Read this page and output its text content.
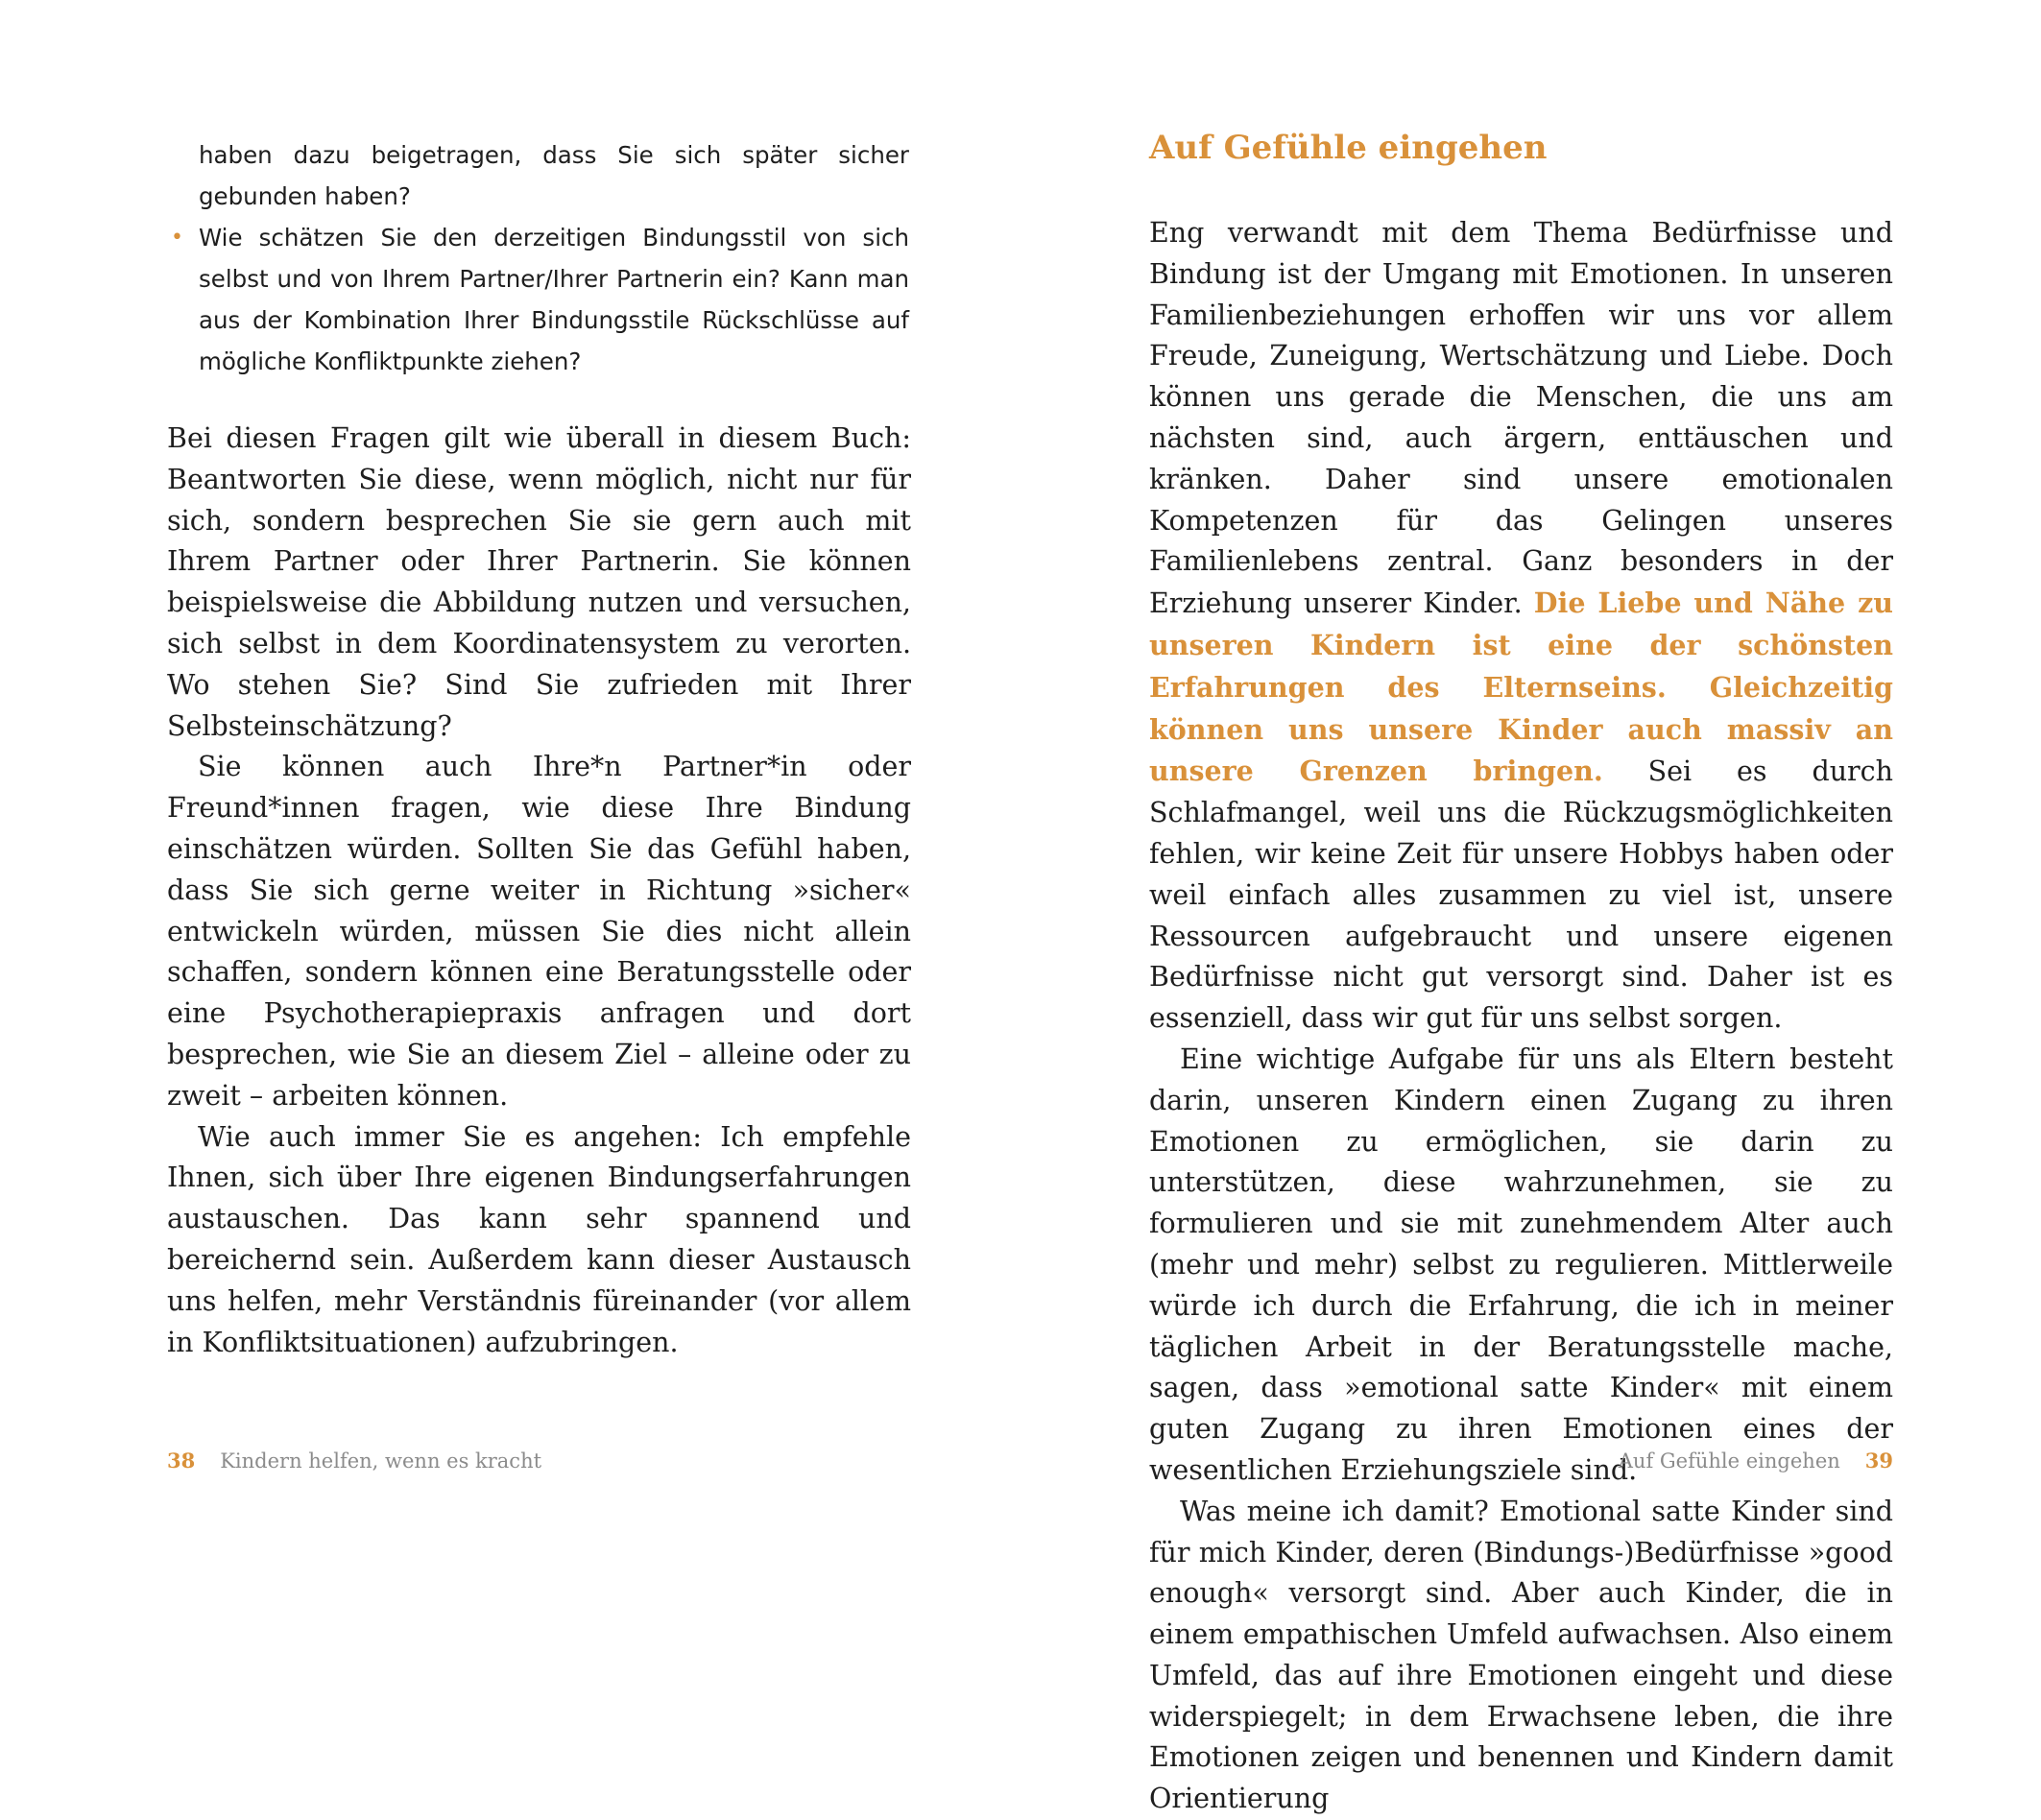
haben dazu beigetragen, dass Sie sich später sicher gebunden haben?

• Wie schätzen Sie den derzeitigen Bindungsstil von sich selbst und von Ihrem Partner/Ihrer Partnerin ein? Kann man aus der Kombination Ihrer Bindungsstile Rückschlüsse auf mögliche Konfliktpunkte ziehen?

Bei diesen Fragen gilt wie überall in diesem Buch: Beantworten Sie diese, wenn möglich, nicht nur für sich, sondern besprechen Sie sie gern auch mit Ihrem Partner oder Ihrer Partnerin. Sie können beispielsweise die Abbildung nutzen und versuchen, sich selbst in dem Koordinatensystem zu verorten. Wo stehen Sie? Sind Sie zufrieden mit Ihrer Selbsteinschätzung?

Sie können auch Ihre*n Partner*in oder Freund*innen fragen, wie diese Ihre Bindung einschätzen würden. Sollten Sie das Gefühl haben, dass Sie sich gerne weiter in Richtung »sicher« entwickeln würden, müssen Sie dies nicht allein schaffen, sondern können eine Beratungsstelle oder eine Psychotherapiepraxis anfragen und dort besprechen, wie Sie an diesem Ziel – alleine oder zu zweit – arbeiten können.

Wie auch immer Sie es angehen: Ich empfehle Ihnen, sich über Ihre eigenen Bindungserfahrungen austauschen. Das kann sehr spannend und bereichernd sein. Außerdem kann dieser Austausch uns helfen, mehr Verständnis füreinander (vor allem in Konfliktsituationen) aufzubringen.

38 Kindern helfen, wenn es kracht
Auf Gefühle eingehen

Eng verwandt mit dem Thema Bedürfnisse und Bindung ist der Umgang mit Emotionen. In unseren Familienbeziehungen erhoffen wir uns vor allem Freude, Zuneigung, Wertschätzung und Liebe. Doch können uns gerade die Menschen, die uns am nächsten sind, auch ärgern, enttäuschen und kränken. Daher sind unsere emotionalen Kompetenzen für das Gelingen unseres Familienlebens zentral. Ganz besonders in der Erziehung unserer Kinder. Die Liebe und Nähe zu unseren Kindern ist eine der schönsten Erfahrungen des Elternseins. Gleichzeitig können uns unsere Kinder auch massiv an unsere Grenzen bringen. Sei es durch Schlafmangel, weil uns die Rückzugsmöglichkeiten fehlen, wir keine Zeit für unsere Hobbys haben oder weil einfach alles zusammen zu viel ist, unsere Ressourcen aufgebraucht und unsere eigenen Bedürfnisse nicht gut versorgt sind. Daher ist es essenziell, dass wir gut für uns selbst sorgen.

Eine wichtige Aufgabe für uns als Eltern besteht darin, unseren Kindern einen Zugang zu ihren Emotionen zu ermöglichen, sie darin zu unterstützen, diese wahrzunehmen, sie zu formulieren und sie mit zunehmendem Alter auch (mehr und mehr) selbst zu regulieren. Mittlerweile würde ich durch die Erfahrung, die ich in meiner täglichen Arbeit in der Beratungsstelle mache, sagen, dass »emotional satte Kinder« mit einem guten Zugang zu ihren Emotionen eines der wesentlichen Erziehungsziele sind.

Was meine ich damit? Emotional satte Kinder sind für mich Kinder, deren (Bindungs-)Bedürfnisse »good enough« versorgt sind. Aber auch Kinder, die in einem empathischen Umfeld aufwachsen. Also einem Umfeld, das auf ihre Emotionen eingeht und diese widerspiegelt; in dem Erwachsene leben, die ihre Emotionen zeigen und benennen und Kindern damit Orientierung

Auf Gefühle eingehen 39
